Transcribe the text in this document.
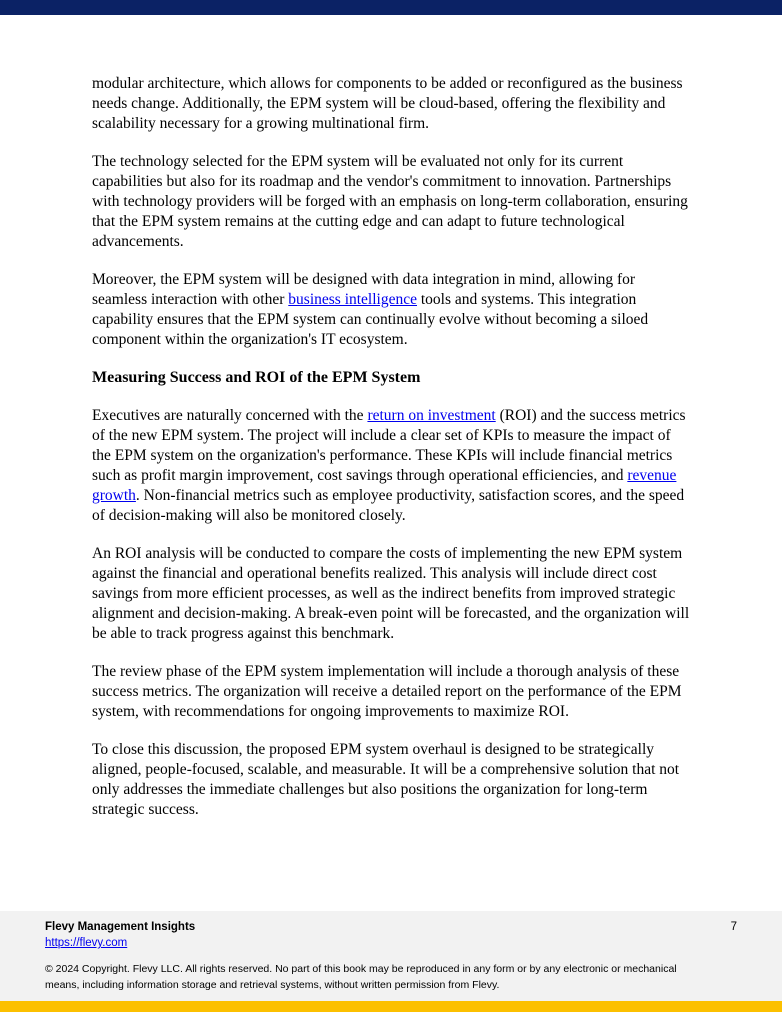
modular architecture, which allows for components to be added or reconfigured as the business needs change. Additionally, the EPM system will be cloud-based, offering the flexibility and scalability necessary for a growing multinational firm.

The technology selected for the EPM system will be evaluated not only for its current capabilities but also for its roadmap and the vendor's commitment to innovation. Partnerships with technology providers will be forged with an emphasis on long-term collaboration, ensuring that the EPM system remains at the cutting edge and can adapt to future technological advancements.

Moreover, the EPM system will be designed with data integration in mind, allowing for seamless interaction with other business intelligence tools and systems. This integration capability ensures that the EPM system can continually evolve without becoming a siloed component within the organization's IT ecosystem.

Measuring Success and ROI of the EPM System

Executives are naturally concerned with the return on investment (ROI) and the success metrics of the new EPM system. The project will include a clear set of KPIs to measure the impact of the EPM system on the organization's performance. These KPIs will include financial metrics such as profit margin improvement, cost savings through operational efficiencies, and revenue growth. Non-financial metrics such as employee productivity, satisfaction scores, and the speed of decision-making will also be monitored closely.

An ROI analysis will be conducted to compare the costs of implementing the new EPM system against the financial and operational benefits realized. This analysis will include direct cost savings from more efficient processes, as well as the indirect benefits from improved strategic alignment and decision-making. A break-even point will be forecasted, and the organization will be able to track progress against this benchmark.

The review phase of the EPM system implementation will include a thorough analysis of these success metrics. The organization will receive a detailed report on the performance of the EPM system, with recommendations for ongoing improvements to maximize ROI.

To close this discussion, the proposed EPM system overhaul is designed to be strategically aligned, people-focused, scalable, and measurable. It will be a comprehensive solution that not only addresses the immediate challenges but also positions the organization for long-term strategic success.

Flevy Management Insights	7
https://flevy.com
© 2024 Copyright. Flevy LLC. All rights reserved. No part of this book may be reproduced in any form or by any electronic or mechanical means, including information storage and retrieval systems, without written permission from Flevy.
